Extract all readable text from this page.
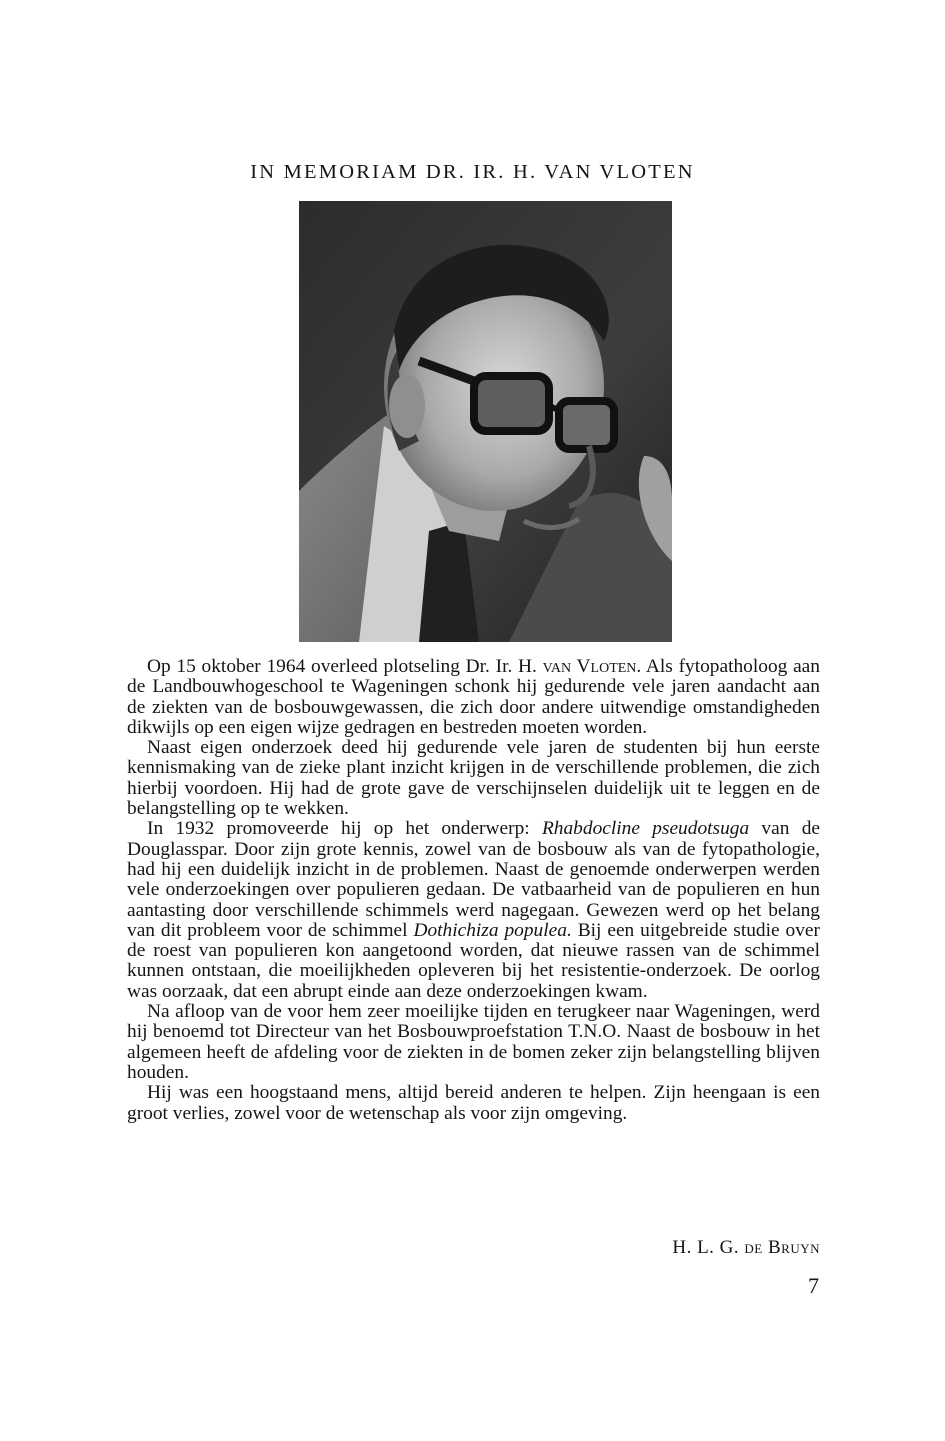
IN MEMORIAM DR. IR. H. VAN VLOTEN

Op 15 oktober 1964 overleed plotseling Dr. Ir. H. van Vloten. Als fytopatholoog aan de Landbouwhogeschool te Wageningen schonk hij gedurende vele jaren aandacht aan de ziekten van de bosbouwgewassen, die zich door andere uitwendige omstandigheden dikwijls op een eigen wijze gedragen en bestreden moeten worden.

Naast eigen onderzoek deed hij gedurende vele jaren de studenten bij hun eerste kennismaking van de zieke plant inzicht krijgen in de verschillende problemen, die zich hierbij voordoen. Hij had de grote gave de verschijnselen duidelijk uit te leggen en de belangstelling op te wekken.

In 1932 promoveerde hij op het onderwerp: Rhabdocline pseudotsuga van de Douglasspar. Door zijn grote kennis, zowel van de bosbouw als van de fytopathologie, had hij een duidelijk inzicht in de problemen. Naast de genoemde onderwerpen werden vele onderzoekingen over populieren gedaan. De vatbaarheid van de populieren en hun aantasting door verschillende schimmels werd nagegaan. Gewezen werd op het belang van dit probleem voor de schimmel Dothichiza populea. Bij een uitgebreide studie over de roest van populieren kon aangetoond worden, dat nieuwe rassen van de schimmel kunnen ontstaan, die moeilijkheden opleveren bij het resistentie-onderzoek. De oorlog was oorzaak, dat een abrupt einde aan deze onderzoekingen kwam.

Na afloop van de voor hem zeer moeilijke tijden en terugkeer naar Wageningen, werd hij benoemd tot Directeur van het Bosbouwproefstation T.N.O. Naast de bosbouw in het algemeen heeft de afdeling voor de ziekten in de bomen zeker zijn belangstelling blijven houden.

Hij was een hoogstaand mens, altijd bereid anderen te helpen. Zijn heengaan is een groot verlies, zowel voor de wetenschap als voor zijn omgeving.

H. L. G. de Bruyn
7
